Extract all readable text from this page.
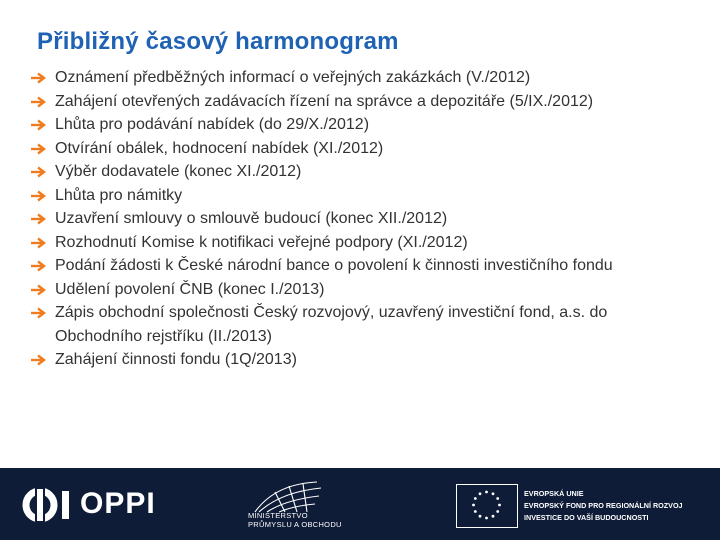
Přibližný časový harmonogram
Oznámení předběžných informací o veřejných zakázkách (V./2012)
Zahájení otevřených zadávacích řízení na správce a depozitáře (5/IX./2012)
Lhůta pro podávání nabídek (do 29/X./2012)
Otvírání obálek, hodnocení nabídek (XI./2012)
Výběr dodavatele (konec XI./2012)
Lhůta pro námitky
Uzavření smlouvy o smlouvě budoucí (konec XII./2012)
Rozhodnutí Komise k notifikaci veřejné podpory (XI./2012)
Podání žádosti k České národní bance o povolení k činnosti investičního fondu
Udělení povolení ČNB (konec I./2013)
Zápis obchodní společnosti Český rozvojový, uzavřený investiční fond, a.s. do Obchodního rejstříku (II./2013)
Zahájení činnosti fondu (1Q/2013)
OPPI	MINISTERSTVO
PRŮMYSLU A OBCHODU
EVROPSKÁ UNIE
EVROPSKÝ FOND PRO REGIONÁLNÍ ROZVOJ
INVESTICE DO VAŠÍ BUDOUCNOSTI
